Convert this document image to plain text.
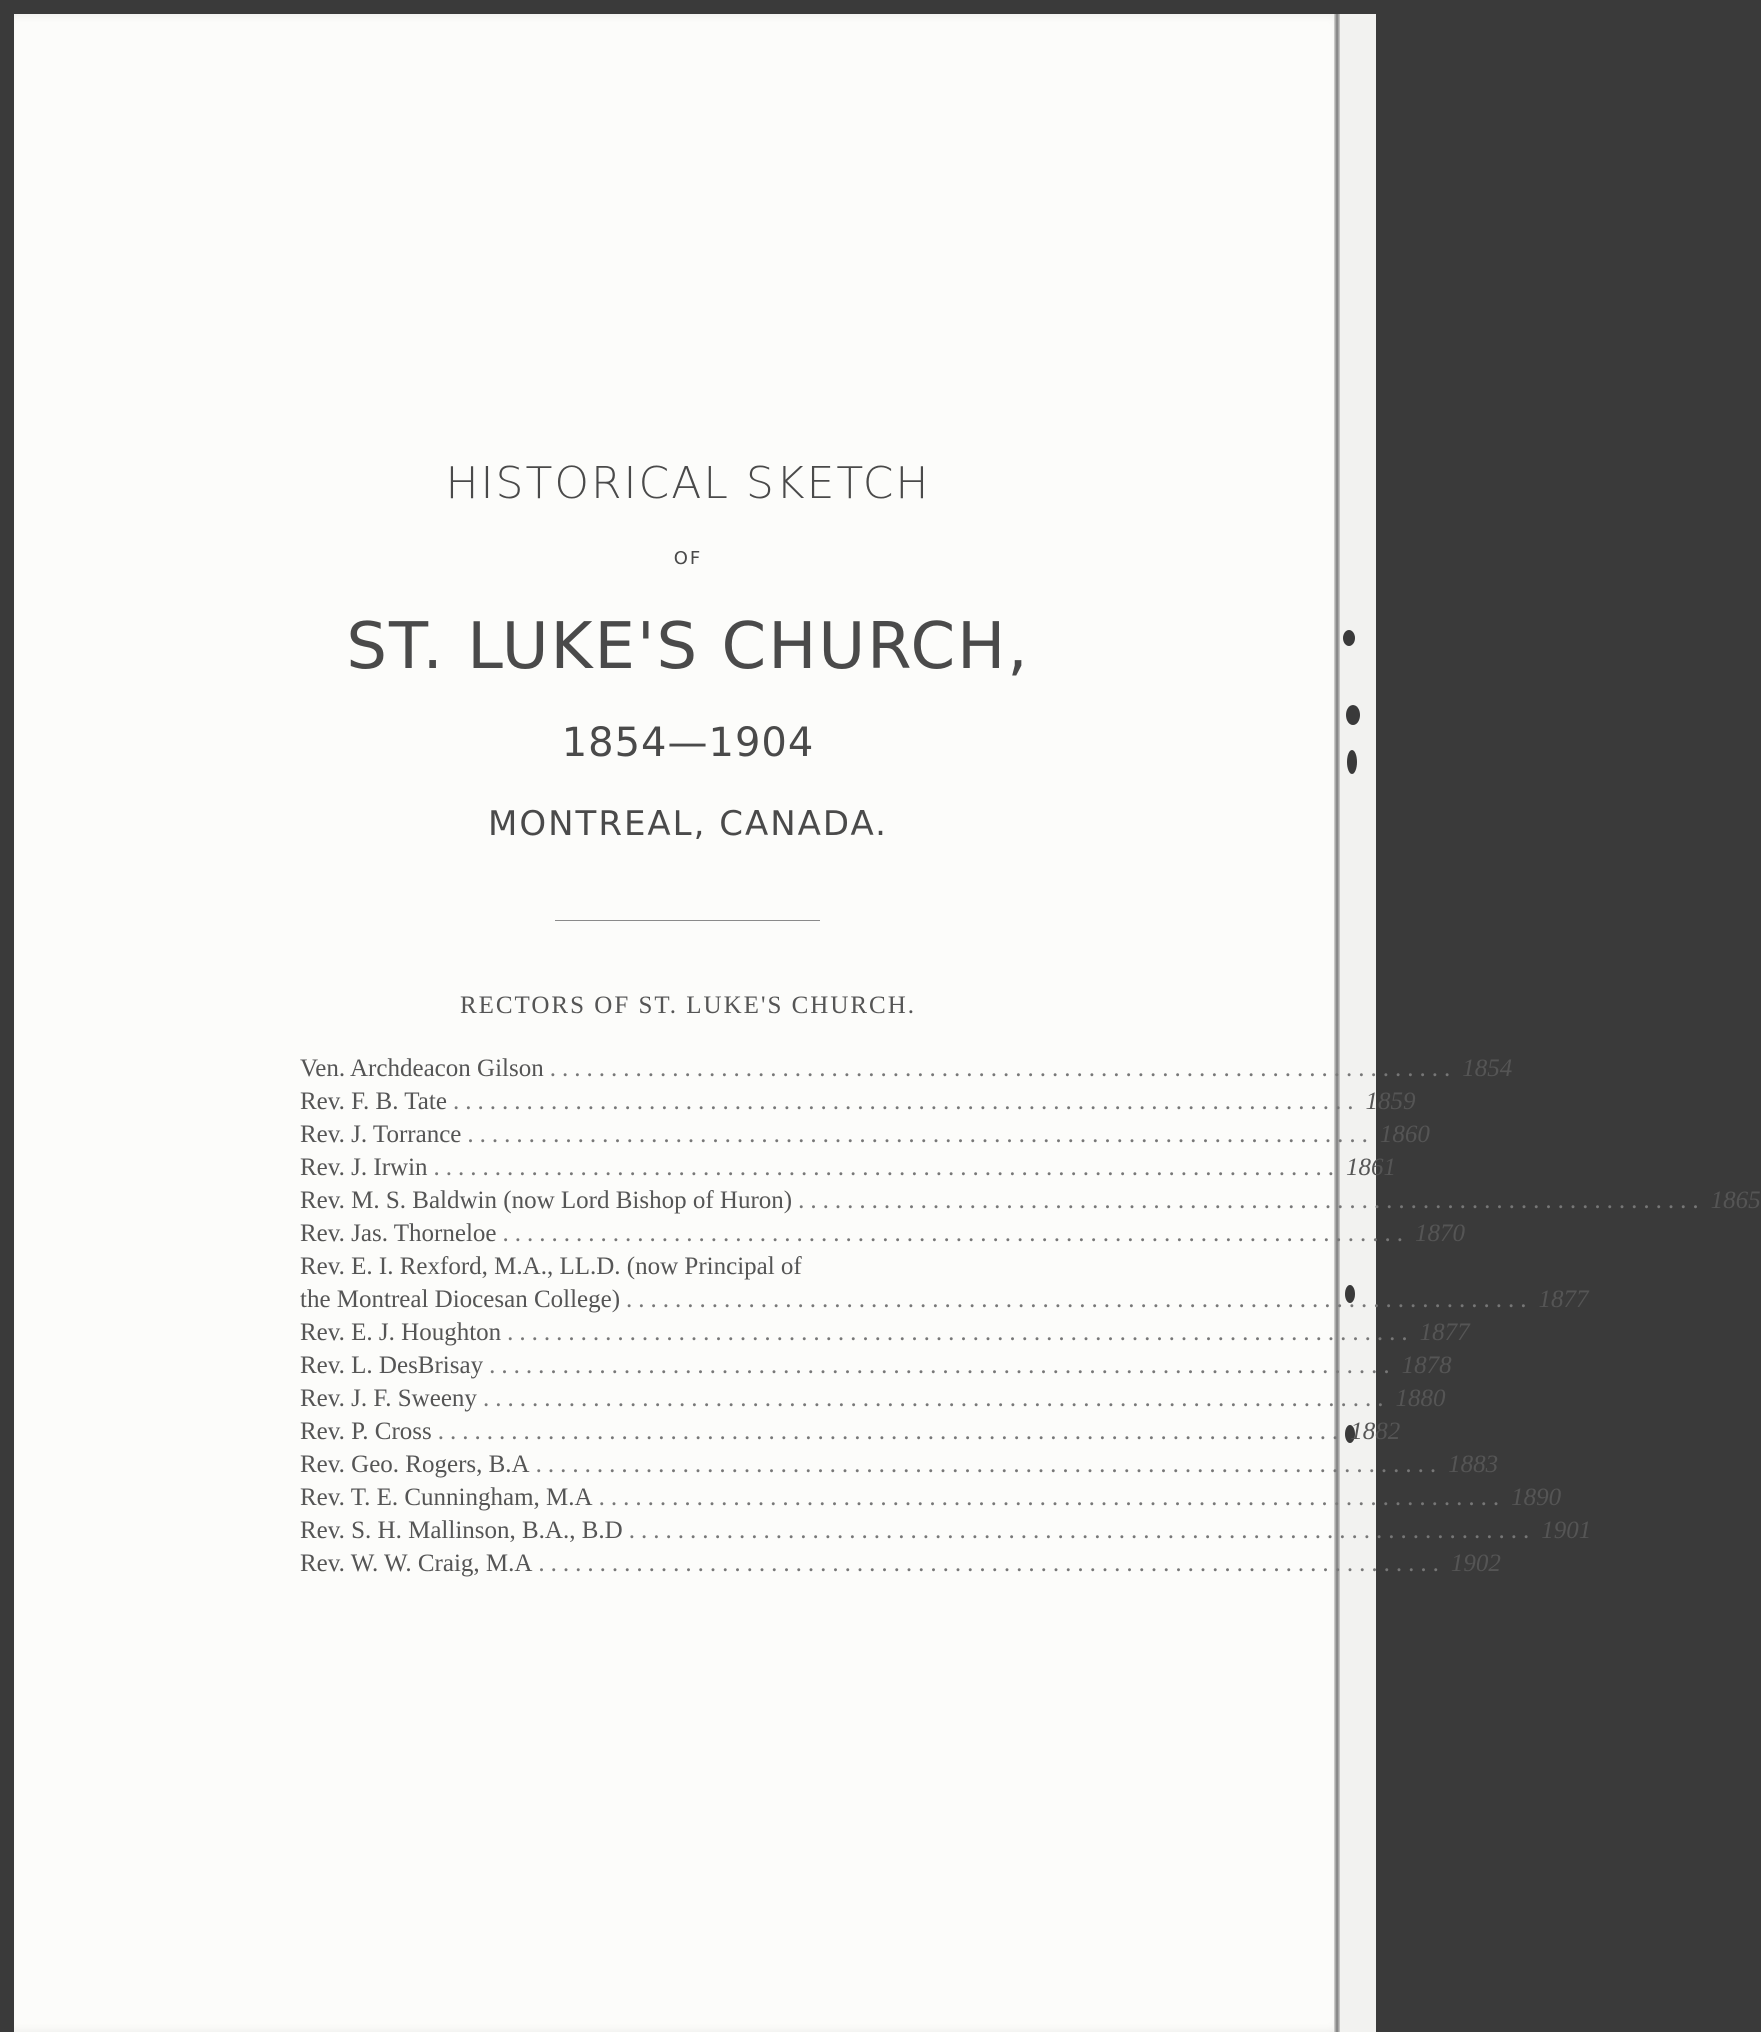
HISTORICAL SKETCH
OF
ST. LUKE'S CHURCH,
1854—1904
MONTREAL, CANADA.
RECTORS OF ST. LUKE'S CHURCH.
Ven. Archdeacon Gilson .......................................................................... 1854
Rev. F. B. Tate .......................................................................... 1859
Rev. J. Torrance .......................................................................... 1860
Rev. J. Irwin .......................................................................... 1861
Rev. M. S. Baldwin (now Lord Bishop of Huron) .......................................................................... 1865
Rev. Jas. Thorneloe .......................................................................... 1870
Rev. E. I. Rexford, M.A., LL.D. (now Principal of
the Montreal Diocesan College) .......................................................................... 1877
Rev. E. J. Houghton .......................................................................... 1877
Rev. L. DesBrisay .......................................................................... 1878
Rev. J. F. Sweeny .......................................................................... 1880
Rev. P. Cross .......................................................................... 1882
Rev. Geo. Rogers, B.A .......................................................................... 1883
Rev. T. E. Cunningham, M.A .......................................................................... 1890
Rev. S. H. Mallinson, B.A., B.D .......................................................................... 1901
Rev. W. W. Craig, M.A .......................................................................... 1902
